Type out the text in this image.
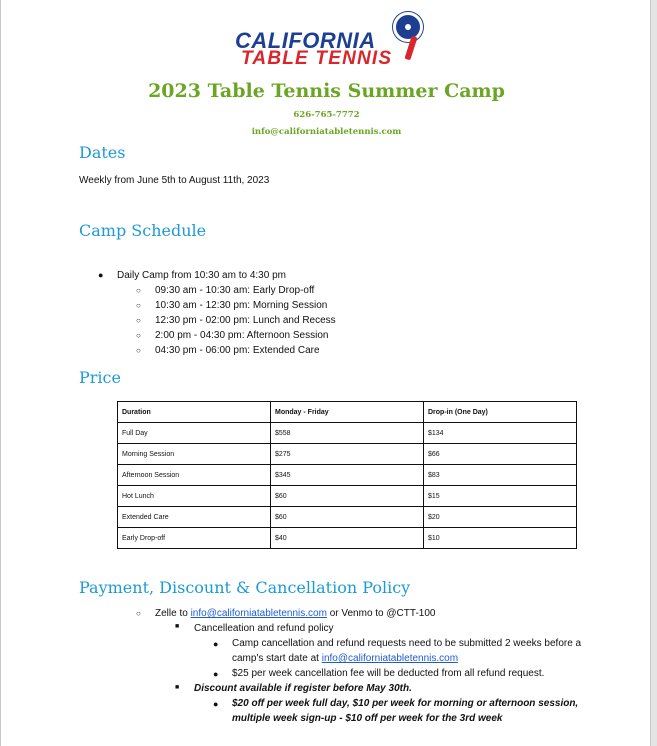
CALIFORNIA
TABLE TENNIS
2023 Table Tennis Summer Camp
626-765-7772
info@californiatabletennis.com
Dates
Weekly from June 5th to August 11th, 2023
Camp Schedule
● Daily Camp from 10:30 am to 4:30 pm
○ 09:30 am - 10:30 am: Early Drop-off
○ 10:30 am - 12:30 pm: Morning Session
○ 12:30 pm - 02:00 pm: Lunch and Recess
○ 2:00 pm - 04:30 pm: Afternoon Session
○ 04:30 pm - 06:00 pm: Extended Care
Price
Duration	Monday - Friday	Drop-in (One Day)
Full Day	$558	$134
Morning Session	$275	$66
Afternoon Session	$345	$83
Hot Lunch	$60	$15
Extended Care	$60	$20
Early Drop-off	$40	$10
Payment, Discount & Cancellation Policy
○ Zelle to info@californiatabletennis.com or Venmo to @CTT-100
■ Cancelleation and refund policy
● Camp cancellation and refund requests need to be submitted 2 weeks before a
camp's start date at info@californiatabletennis.com
● $25 per week cancellation fee will be deducted from all refund request.
■ Discount available if register before May 30th.
● $20 off per week full day, $10 per week for morning or afternoon session,
multiple week sign-up - $10 off per week for the 3rd week
